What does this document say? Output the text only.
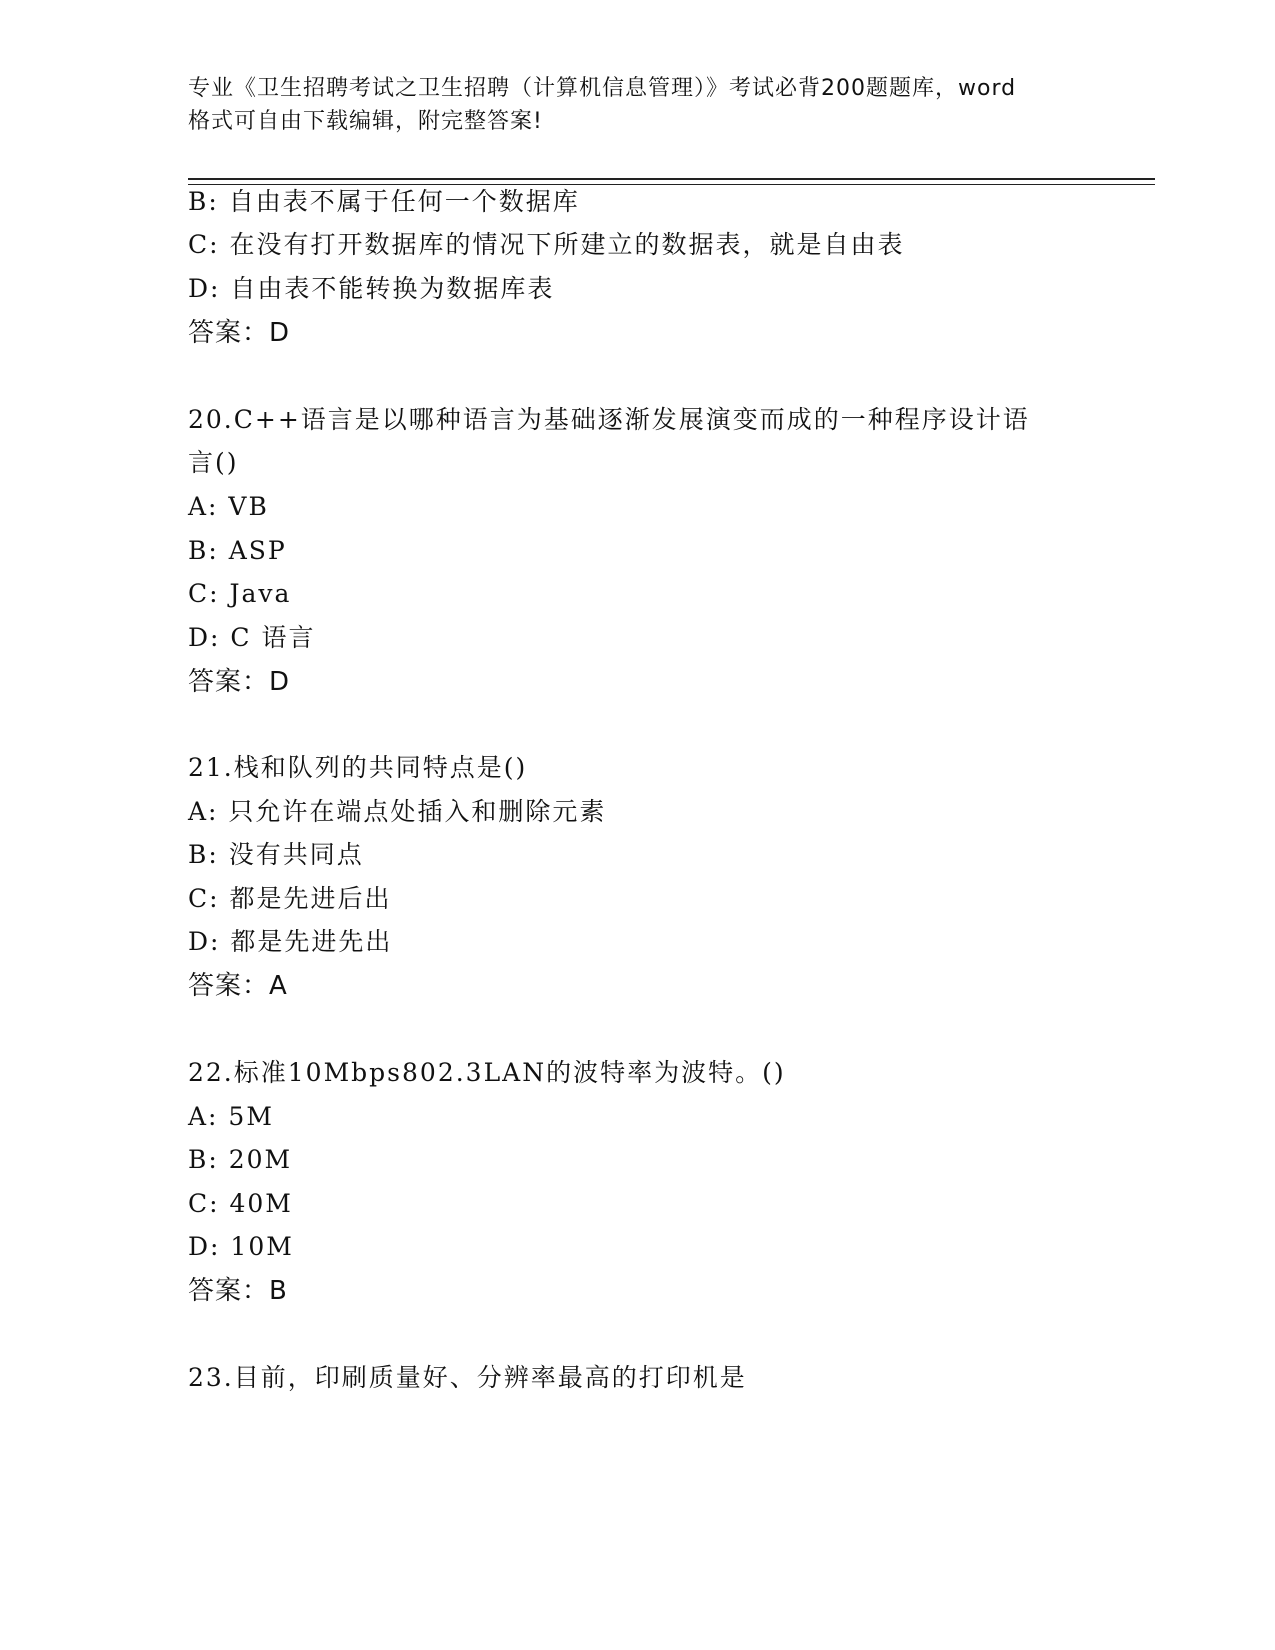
专业《卫生招聘考试之卫生招聘（计算机信息管理）》考试必背200题题库，word
格式可自由下载编辑，附完整答案!
B: 自由表不属于任何一个数据库
C: 在没有打开数据库的情况下所建立的数据表，就是自由表
D: 自由表不能转换为数据库表
答案：D
20.C++语言是以哪种语言为基础逐渐发展演变而成的一种程序设计语
言()
A: VB
B: ASP
C: Java
D: C 语言
答案：D
21.栈和队列的共同特点是()
A: 只允许在端点处插入和删除元素
B: 没有共同点
C: 都是先进后出
D: 都是先进先出
答案：A
22.标准10Mbps802.3LAN的波特率为波特。()
A: 5M
B: 20M
C: 40M
D: 10M
答案：B
23.目前，印刷质量好、分辨率最高的打印机是
